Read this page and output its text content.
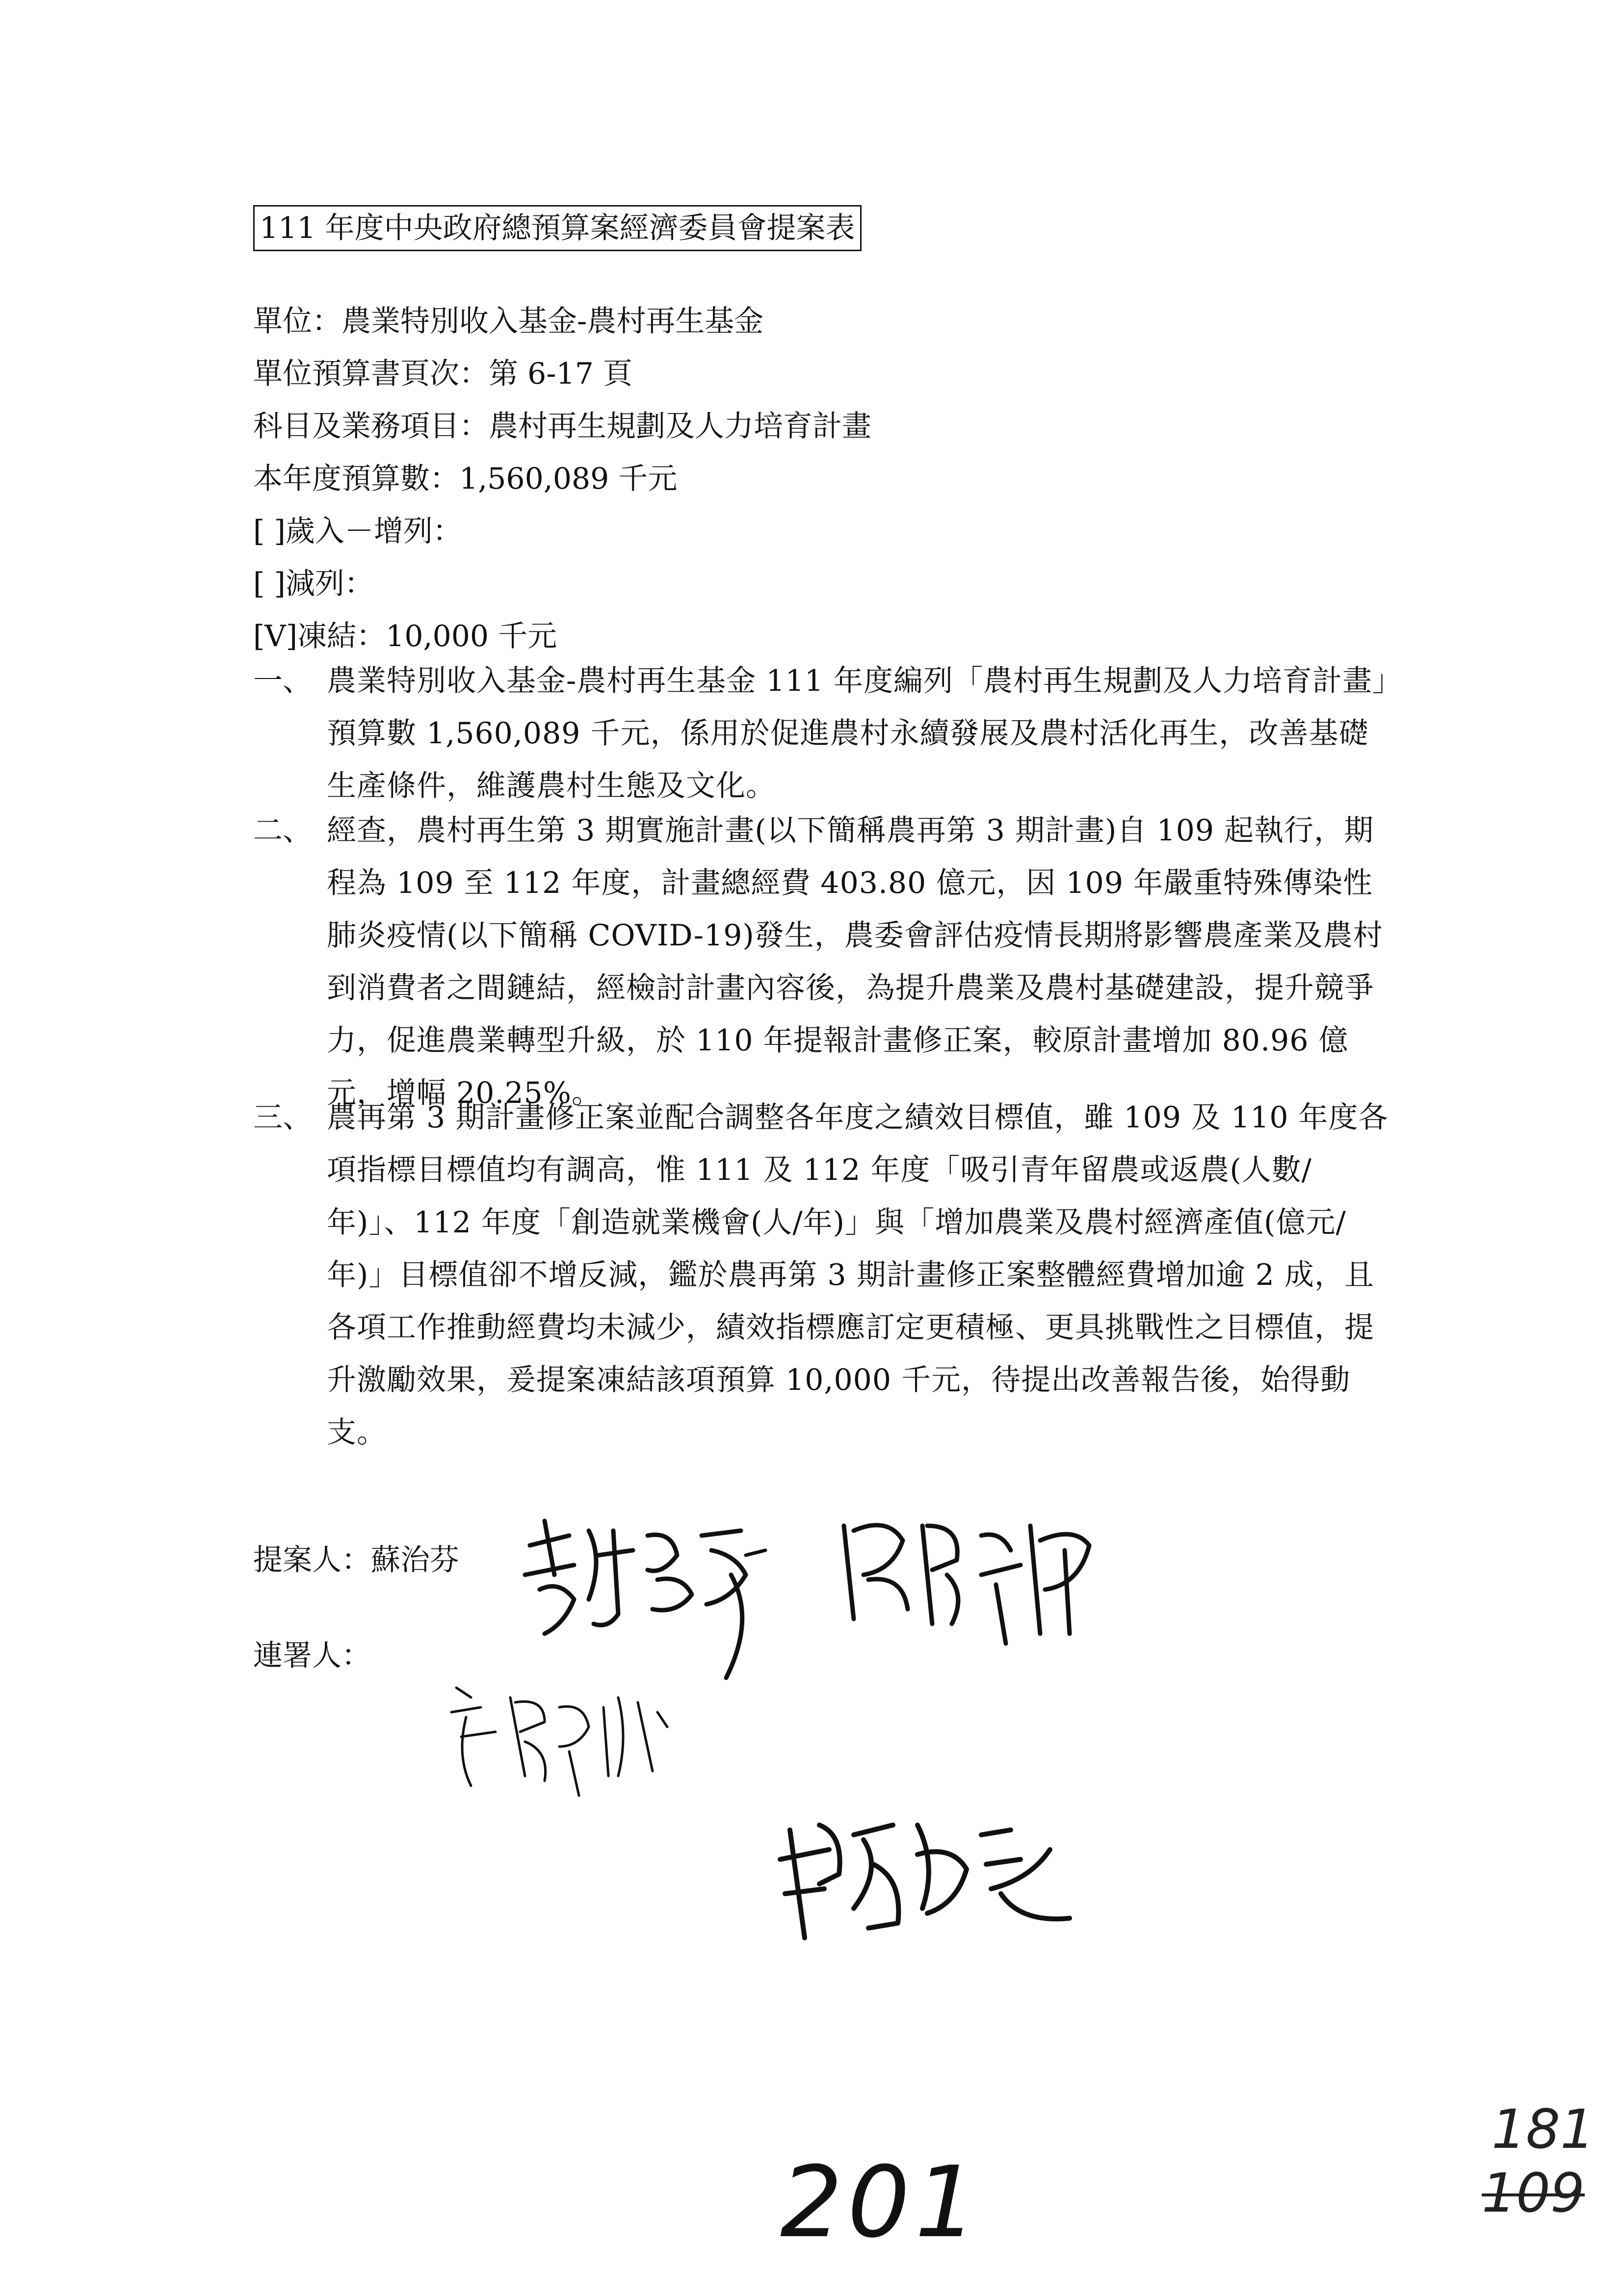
111 年度中央政府總預算案經濟委員會提案表
單位：農業特別收入基金-農村再生基金
單位預算書頁次：第 6-17 頁
科目及業務項目：農村再生規劃及人力培育計畫
本年度預算數：1,560,089 千元
[ ]歲入－增列：
[ ]減列：
[V]凍結：10,000 千元
一、 農業特別收入基金-農村再生基金 111 年度編列「農村再生規劃及人力培育計畫」預算數 1,560,089 千元，係用於促進農村永續發展及農村活化再生，改善基礎生產條件，維護農村生態及文化。
二、 經查，農村再生第 3 期實施計畫(以下簡稱農再第 3 期計畫)自 109 起執行，期程為 109 至 112 年度，計畫總經費 403.80 億元，因 109 年嚴重特殊傳染性肺炎疫情(以下簡稱 COVID-19)發生，農委會評估疫情長期將影響農產業及農村到消費者之間鏈結，經檢討計畫內容後，為提升農業及農村基礎建設，提升競爭力，促進農業轉型升級，於 110 年提報計畫修正案，較原計畫增加 80.96 億元，增幅 20.25%。
三、 農再第 3 期計畫修正案並配合調整各年度之績效目標值，雖 109 及 110 年度各項指標目標值均有調高，惟 111 及 112 年度「吸引青年留農或返農(人數/年)」、112 年度「創造就業機會(人/年)」與「增加農業及農村經濟產值(億元/年)」目標值卻不增反減，鑑於農再第 3 期計畫修正案整體經費增加逾 2 成，且各項工作推動經費均未減少，績效指標應訂定更積極、更具挑戰性之目標值，提升激勵效果，爰提案凍結該項預算 10,000 千元，待提出改善報告後，始得動支。
提案人：蘇治芬
連署人：
201
181
109
